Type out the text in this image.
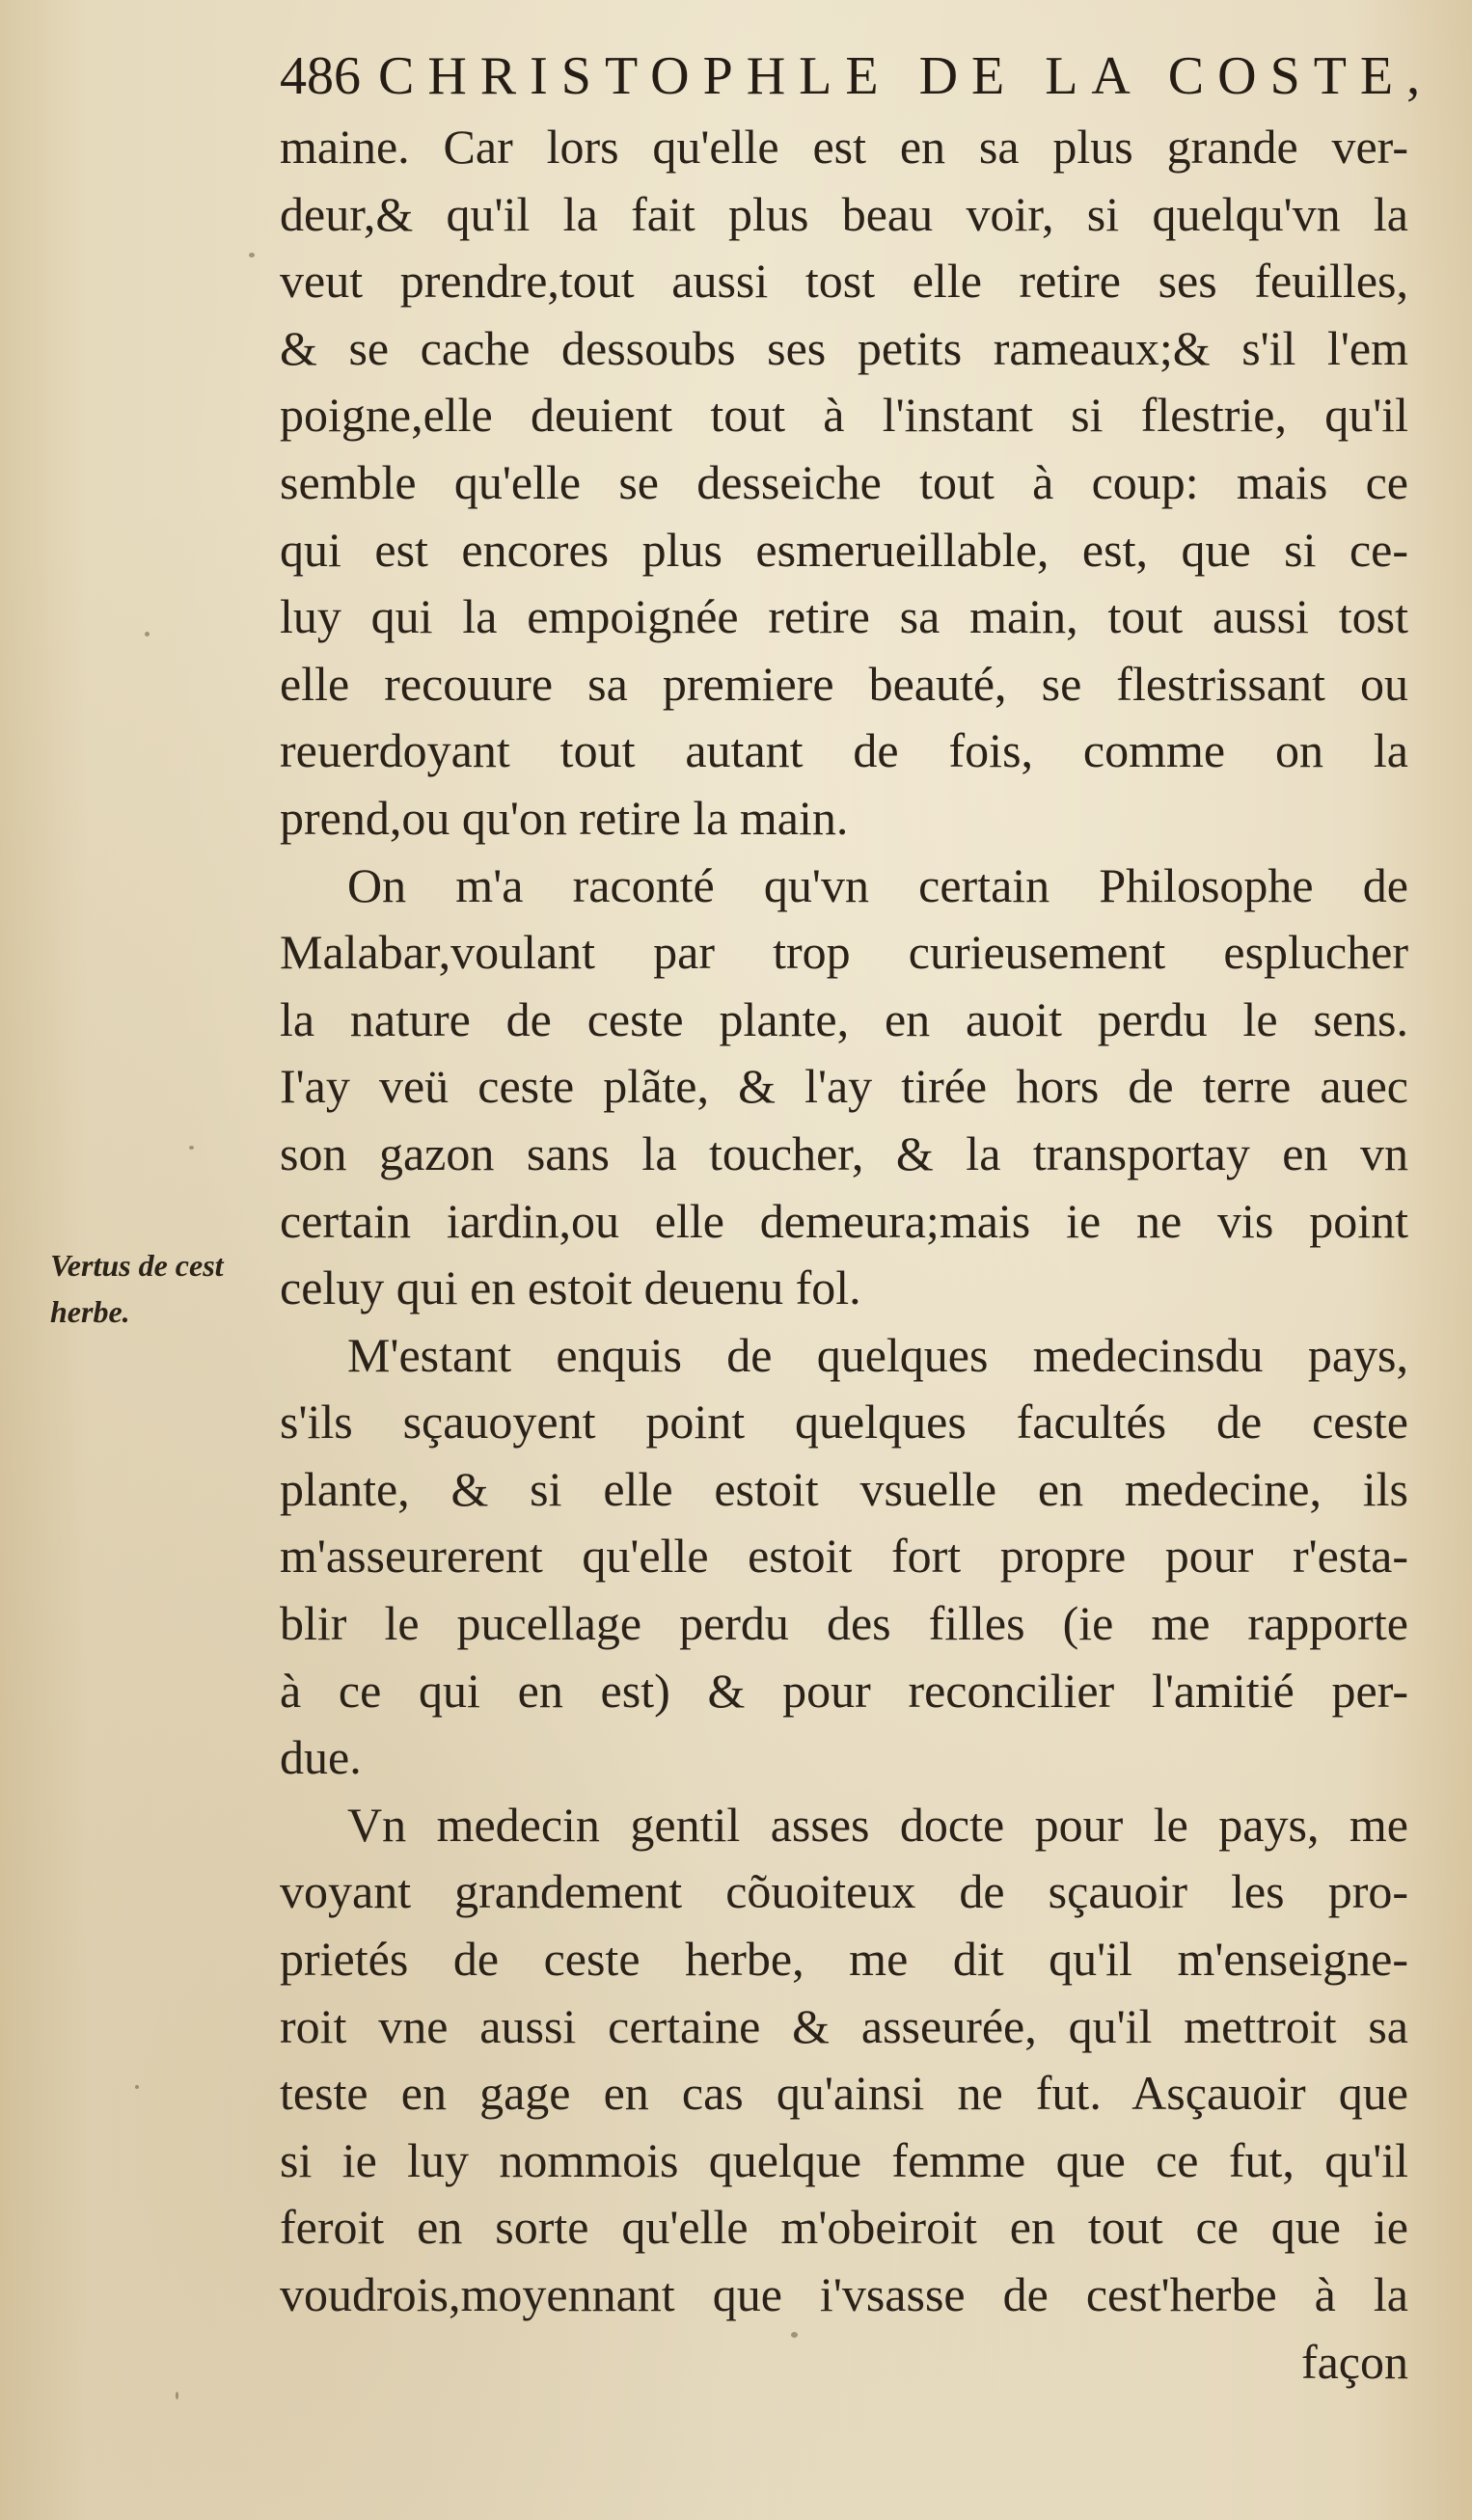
486 CHRISTOPHLE DE LA COSTE,
maine. Car lors qu'elle est en sa plus grande ver-
deur,& qu'il la fait plus beau voir, si quelqu'vn la
veut prendre,tout aussi tost elle retire ses feuilles,
& se cache dessoubs ses petits rameaux;& s'il l'em
poigne,elle deuient tout à l'instant si flestrie, qu'il
semble qu'elle se desseiche tout à coup: mais ce
qui est encores plus esmerueillable, est, que si ce-
luy qui la empoignée retire sa main, tout aussi tost
elle recouure sa premiere beauté, se flestrissant ou
reuerdoyant tout autant de fois, comme on la
prend,ou qu'on retire la main.
On m'a raconté qu'vn certain Philosophe de
Malabar,voulant par trop curieusement esplucher
la nature de ceste plante, en auoit perdu le sens.
I'ay veü ceste plãte, & l'ay tirée hors de terre auec
son gazon sans la toucher, & la transportay en vn
certain iardin,ou elle demeura;mais ie ne vis point
celuy qui en estoit deuenu fol.
M'estant enquis de quelques medecinsdu pays,
s'ils sçauoyent point quelques facultés de ceste
plante, & si elle estoit vsuelle en medecine, ils
m'asseurerent qu'elle estoit fort propre pour r'esta-
blir le pucellage perdu des filles (ie me rapporte
à ce qui en est) & pour reconcilier l'amitié per-
due.
Vn medecin gentil asses docte pour le pays, me
voyant grandement cõuoiteux de sçauoir les pro-
prietés de ceste herbe, me dit qu'il m'enseigne-
roit vne aussi certaine & asseurée, qu'il mettroit sa
teste en gage en cas qu'ainsi ne fut. Asçauoir que
si ie luy nommois quelque femme que ce fut, qu'il
feroit en sorte qu'elle m'obeiroit en tout ce que ie
voudrois,moyennant que i'vsasse de cest'herbe à la
façon
Vertus de cest
herbe.
